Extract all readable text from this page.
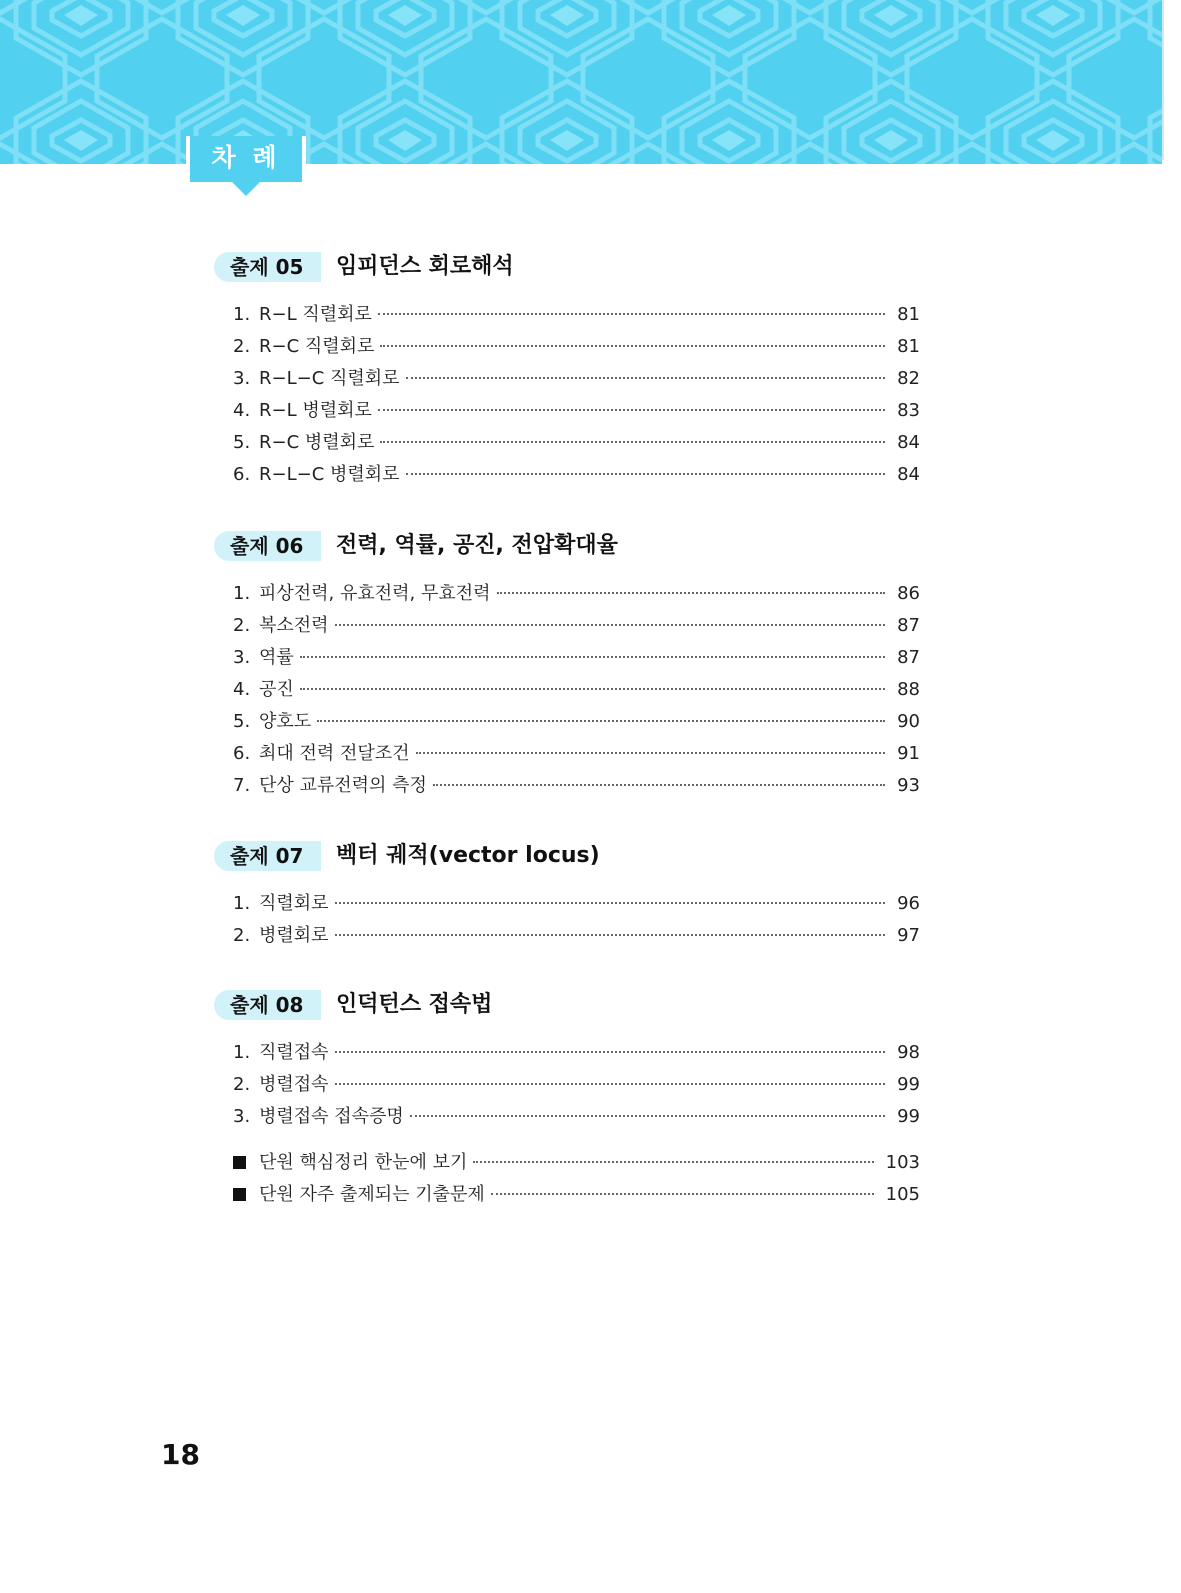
차 례
출제 05	임피던스 회로해석
1. R−L 직렬회로	81
2. R−C 직렬회로	81
3. R−L−C 직렬회로	82
4. R−L 병렬회로	83
5. R−C 병렬회로	84
6. R−L−C 병렬회로	84
출제 06	전력, 역률, 공진, 전압확대율
1. 피상전력, 유효전력, 무효전력	86
2. 복소전력	87
3. 역률	87
4. 공진	88
5. 양호도	90
6. 최대 전력 전달조건	91
7. 단상 교류전력의 측정	93
출제 07	벡터 궤적(vector locus)
1. 직렬회로	96
2. 병렬회로	97
출제 08	인덕턴스 접속법
1. 직렬접속	98
2. 병렬접속	99
3. 병렬접속 접속증명	99
단원 핵심정리 한눈에 보기	103
단원 자주 출제되는 기출문제	105
18
